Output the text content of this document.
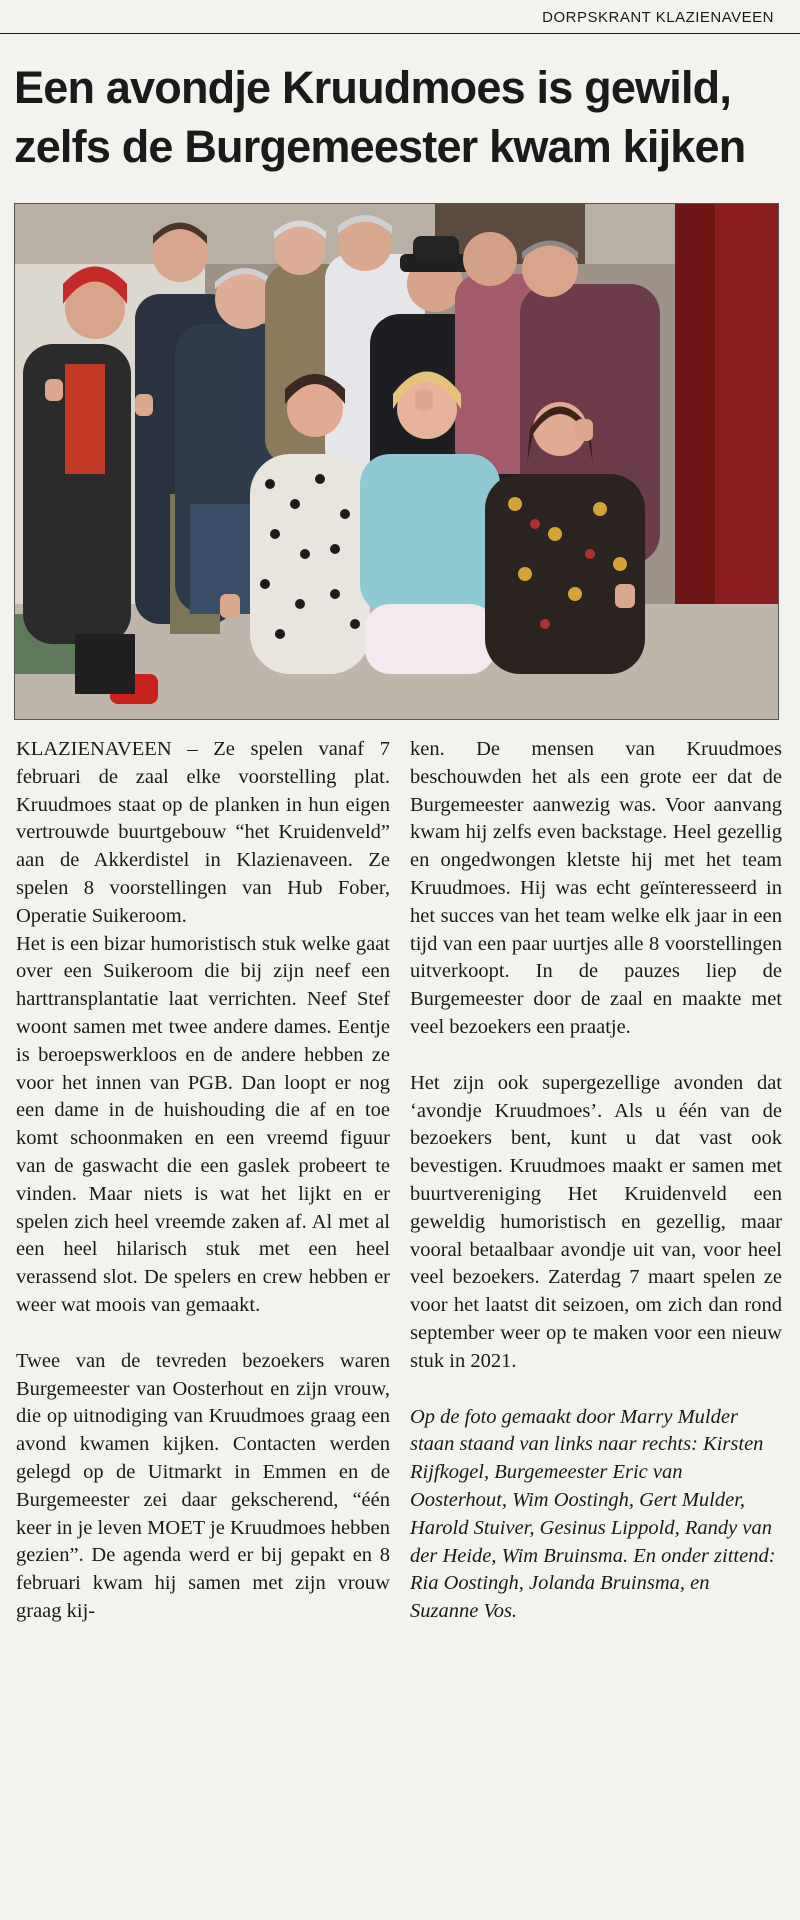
DORPSKRANT KLAZIENAVEEN
Een avondje Kruudmoes is gewild,
zelfs de Burgemeester kwam kijken

KLAZIENAVEEN – Ze spelen vanaf 7 februari de zaal elke voorstelling plat. Kruudmoes staat op de planken in hun eigen vertrouwde buurtgebouw “het Kruidenveld” aan de Akkerdistel in Klazienaveen. Ze spelen 8 voorstellingen van Hub Fober, Operatie Suikeroom.

Het is een bizar humoristisch stuk welke gaat over een Suikeroom die bij zijn neef een harttransplantatie laat verrichten. Neef Stef woont samen met twee andere dames. Eentje is beroepswerkloos en de andere hebben ze voor het innen van PGB. Dan loopt er nog een dame in de huishouding die af en toe komt schoonmaken en een vreemd figuur van de gaswacht die een gaslek probeert te vinden. Maar niets is wat het lijkt en er spelen zich heel vreemde zaken af. Al met al een heel hilarisch stuk met een heel verassend slot. De spelers en crew hebben er weer wat moois van gemaakt.

Twee van de tevreden bezoekers waren Burgemeester van Oosterhout en zijn vrouw, die op uitnodiging van Kruudmoes graag een avond kwamen kijken. Contacten werden gelegd op de Uitmarkt in Emmen en de Burgemeester zei daar gekscherend, “één keer in je leven MOET je Kruudmoes hebben gezien”. De agenda werd er bij gepakt en 8 februari kwam hij samen met zijn vrouw graag kij-

ken. De mensen van Kruudmoes beschouwden het als een grote eer dat de Burgemeester aanwezig was. Voor aanvang kwam hij zelfs even backstage. Heel gezellig en ongedwongen kletste hij met het team Kruudmoes. Hij was echt geïnteresseerd in het succes van het team welke elk jaar in een tijd van een paar uurtjes alle 8 voorstellingen uitverkoopt. In de pauzes liep de Burgemeester door de zaal en maakte met veel bezoekers een praatje.

Het zijn ook supergezellige avonden dat ‘avondje Kruudmoes’. Als u één van de bezoekers bent, kunt u dat vast ook bevestigen. Kruudmoes maakt er samen met buurtvereniging Het Kruidenveld een geweldig humoristisch en gezellig, maar vooral betaalbaar avondje uit van, voor heel veel bezoekers. Zaterdag 7 maart spelen ze voor het laatst dit seizoen, om zich dan rond september weer op te maken voor een nieuw stuk in 2021.

Op de foto gemaakt door Marry Mulder staan staand van links naar rechts: Kirsten Rijfkogel, Burgemeester Eric van Oosterhout, Wim Oostingh, Gert Mulder, Harold Stuiver, Gesinus Lippold, Randy van der Heide, Wim Bruinsma. En onder zittend: Ria Oostingh, Jolanda Bruinsma, en Suzanne Vos.
